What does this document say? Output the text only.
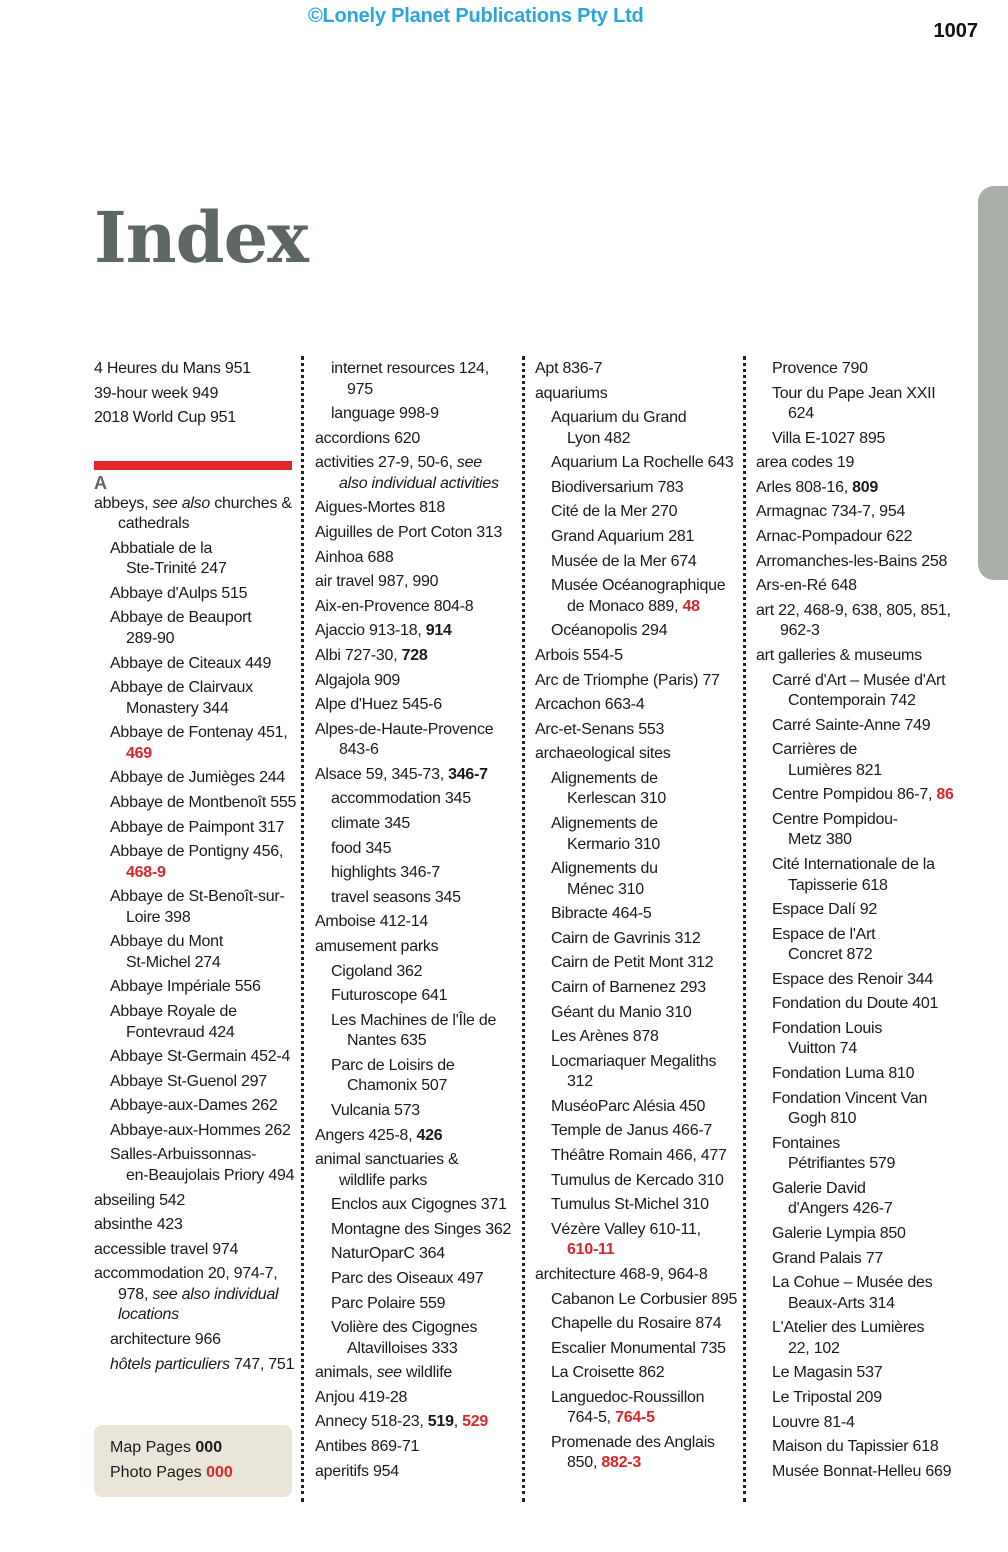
©Lonely Planet Publications Pty Ltd
1007
Index
4 Heures du Mans 951
39-hour week 949
2018 World Cup 951
A
abbeys, see also churches &
cathedrals
Abbatiale de la
Ste-Trinité 247
Abbaye d'Aulps 515
Abbaye de Beauport
289-90
Abbaye de Citeaux 449
Abbaye de Clairvaux
Monastery 344
Abbaye de Fontenay 451,
469
Abbaye de Jumièges 244
Abbaye de Montbenoît 555
Abbaye de Paimpont 317
Abbaye de Pontigny 456,
468-9
Abbaye de St-Benoît-sur-
Loire 398
Abbaye du Mont
St-Michel 274
Abbaye Impériale 556
Abbaye Royale de
Fontevraud 424
Abbaye St-Germain 452-4
Abbaye St-Guenol 297
Abbaye-aux-Dames 262
Abbaye-aux-Hommes 262
Salles-Arbuissonnas-
en-Beaujolais Priory 494
abseiling 542
absinthe 423
accessible travel 974
accommodation 20, 974-7,
978, see also individual
locations
architecture 966
hôtels particuliers 747, 751
internet resources 124,
975
language 998-9
accordions 620
activities 27-9, 50-6, see
also individual activities
Aigues-Mortes 818
Aiguilles de Port Coton 313
Ainhoa 688
air travel 987, 990
Aix-en-Provence 804-8
Ajaccio 913-18, 914
Albi 727-30, 728
Algajola 909
Alpe d'Huez 545-6
Alpes-de-Haute-Provence
843-6
Alsace 59, 345-73, 346-7
accommodation 345
climate 345
food 345
highlights 346-7
travel seasons 345
Amboise 412-14
amusement parks
Cigoland 362
Futuroscope 641
Les Machines de l'Île de
Nantes 635
Parc de Loisirs de
Chamonix 507
Vulcania 573
Angers 425-8, 426
animal sanctuaries &
wildlife parks
Enclos aux Cigognes 371
Montagne des Singes 362
NaturOparC 364
Parc des Oiseaux 497
Parc Polaire 559
Volière des Cigognes
Altavilloises 333
animals, see wildlife
Anjou 419-28
Annecy 518-23, 519, 529
Antibes 869-71
aperitifs 954
Apt 836-7
aquariums
Aquarium du Grand
Lyon 482
Aquarium La Rochelle 643
Biodiversarium 783
Cité de la Mer 270
Grand Aquarium 281
Musée de la Mer 674
Musée Océanographique
de Monaco 889, 48
Océanopolis 294
Arbois 554-5
Arc de Triomphe (Paris) 77
Arcachon 663-4
Arc-et-Senans 553
archaeological sites
Alignements de
Kerlescan 310
Alignements de
Kermario 310
Alignements du
Ménec 310
Bibracte 464-5
Cairn de Gavrinis 312
Cairn de Petit Mont 312
Cairn of Barnenez 293
Géant du Manio 310
Les Arènes 878
Locmariaquer Megaliths
312
MuséoParc Alésia 450
Temple de Janus 466-7
Théâtre Romain 466, 477
Tumulus de Kercado 310
Tumulus St-Michel 310
Vézère Valley 610-11,
610-11
architecture 468-9, 964-8
Cabanon Le Corbusier 895
Chapelle du Rosaire 874
Escalier Monumental 735
La Croisette 862
Languedoc-Roussillon
764-5, 764-5
Promenade des Anglais
850, 882-3
Provence 790
Tour du Pape Jean XXII
624
Villa E-1027 895
area codes 19
Arles 808-16, 809
Armagnac 734-7, 954
Arnac-Pompadour 622
Arromanches-les-Bains 258
Ars-en-Ré 648
art 22, 468-9, 638, 805, 851,
962-3
art galleries & museums
Carré d'Art – Musée d'Art
Contemporain 742
Carré Sainte-Anne 749
Carrières de
Lumières 821
Centre Pompidou 86-7, 86
Centre Pompidou-
Metz 380
Cité Internationale de la
Tapisserie 618
Espace Dalí 92
Espace de l'Art
Concret 872
Espace des Renoir 344
Fondation du Doute 401
Fondation Louis
Vuitton 74
Fondation Luma 810
Fondation Vincent Van
Gogh 810
Fontaines
Pétrifiantes 579
Galerie David
d'Angers 426-7
Galerie Lympia 850
Grand Palais 77
La Cohue – Musée des
Beaux-Arts 314
L'Atelier des Lumières
22, 102
Le Magasin 537
Le Tripostal 209
Louvre 81-4
Maison du Tapissier 618
Musée Bonnat-Helleu 669
Map Pages 000
Photo Pages 000
